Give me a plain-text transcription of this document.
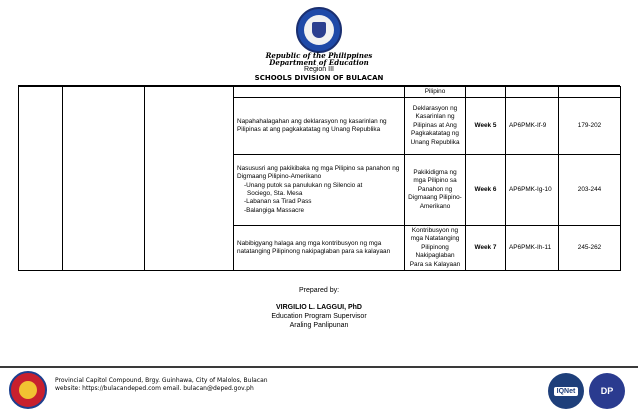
Republic of the Philippines
Department of Education
Region III
SCHOOLS DIVISION OF BULACAN
				Pilipino			
			Napahahalagahan ang deklarasyon ng kasarinlan ng Pilipinas at ang pagkakatatag ng Unang Republika	Deklarasyon ng Kasarinlan ng Pilipinas at Ang Pagkakatatag ng Unang Republika	Week 5	AP6PMK-If-9	179-202
			Nasususri ang pakikibaka ng mga Pilipino sa panahon ng Digmaang Pilipino-Amerikano
-Unang putok sa panulukan ng Silencio at
Sociego, Sta. Mesa
-Labanan sa Tirad Pass
-Balangiga Massacre	Pakikidigma ng mga Pilipino sa Panahon ng Digmaang Pilipino-Amerikano	Week 6	AP6PMK-Ig-10	203-244
			Nabibigyang halaga ang mga kontribusyon ng mga natatanging Pilipinong nakipaglaban para sa kalayaan	Kontribusyon ng mga Natatanging Pilipinong Nakipaglaban Para sa Kalayaan	Week 7	AP6PMK-Ih-11	245-262
Prepared by:
VIRGILIO L. LAGGUI, PhD
Education Program Supervisor
Araling Panlipunan
Provincial Capitol Compound, Brgy. Guinhawa, City of Malolos, Bulacan
website: https://bulacandeped.com email. bulacan@deped.gov.ph	IQNet	DP
